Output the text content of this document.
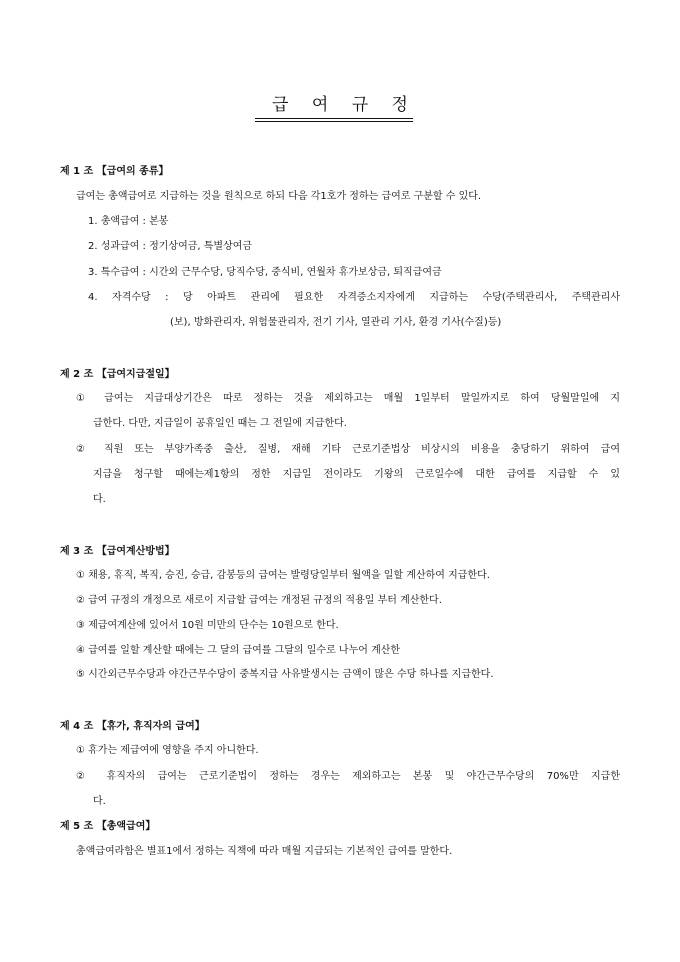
급 여 규 정
제 1 조 【급여의 종류】
급여는 총액급여로 지급하는 것을 원칙으로 하되 다음 각1호가 정하는 급여로 구분할 수 있다.
1. 총액급여 : 본봉
2. 성과급여 : 정기상여금, 특별상여금
3. 특수급여 : 시간외 근무수당, 당직수당, 중식비, 연월차 휴가보상금, 퇴직급여금
4. 자격수당 : 당 아파트 관리에 필요한 자격증소지자에게 지급하는 수당(주택관리사, 주택관리사
(보), 방화관리자, 위험물관리자, 전기 기사, 열관리 기사, 환경 기사(수질)등)
제 2 조 【급여지급절일】
① 급여는 지급대상기간은 따로 정하는 것을 제외하고는 매월 1일부터 말일까지로 하여 당월말일에 지
급한다. 다만, 지급일이 공휴일인 때는 그 전일에 지급한다.
② 직원 또는 부양가족중 출산, 질병, 재해 기타 근로기준법상 비상시의 비용을 충당하기 위하여 급여
지급을 청구할 때에는제1항의 정한 지급일 전이라도 기왕의 근로일수에 대한 급여를 지급할 수 있
다.
제 3 조 【급여계산방법】
① 채용, 휴직, 복직, 승진, 승급, 감봉등의 급여는 발령당일부터 월액을 일할 계산하여 지급한다.
② 급여 규정의 개정으로 새로이 지급할 급여는 개정된 규정의 적용일 부터 계산한다.
③ 제급여계산에 있어서 10원 미만의 단수는 10원으로 한다.
④ 급여를 일할 계산할 때에는 그 달의 급여를 그달의 일수로 나누어 계산한
⑤ 시간외근무수당과 야간근무수당이 중복지급 사유발생시는 금액이 많은 수당 하나를 지급한다.
제 4 조 【휴가, 휴직자의 급여】
① 휴가는 제급여에 영향을 주지 아니한다.
② 휴직자의 급여는 근로기준법이 정하는 경우는 제외하고는 본봉 및 야간근무수당의 70%만 지급한
다.
제 5 조 【총액급여】
총액급여라함은 별표1에서 정하는 직책에 따라 매월 지급되는 기본적인 급여를 말한다.
